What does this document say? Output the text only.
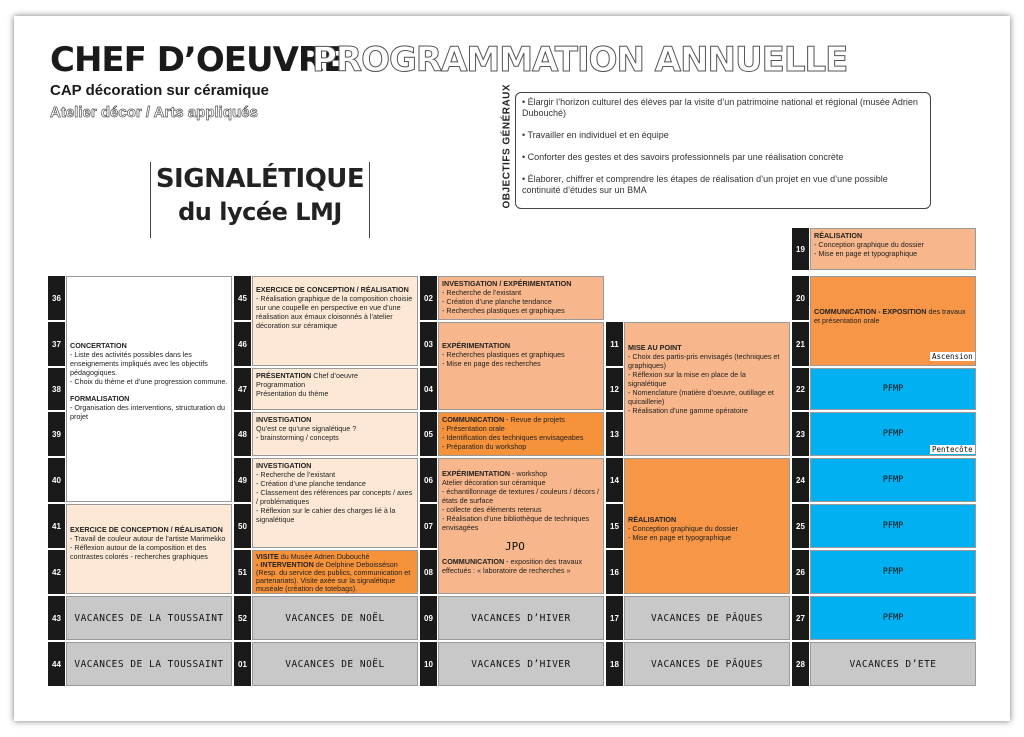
CHEF D’OEUVRE
PROGRAMMATION ANNUELLE
CAP décoration sur céramique
Atelier décor / Arts appliqués
SIGNALÉTIQUE
du lycée LMJ
OBJECTIFS GÉNÉRAUX • Élargir l’horizon culturel des élèves par la visite d’un patrimoine national et régional (musée Adrien Dubouché)

• Travailler en individuel et en équipe

• Conforter des gestes et des savoirs professionnels par une réalisation concrète

• Élaborer, chiffrer et comprendre les étapes de réalisation d’un projet en vue d’une possible continuité d’études sur un BMA

36
37
38
39
40
41
42
43
44
CONCERTATION
- Liste des activités possibles dans les enseignements impliqués avec les objectifs pédagogiques.
- Choix du thème et d’une progression commune.
FORMALISATION
- Organisation des interventions, structuration du projet
EXERCICE DE CONCEPTION / RÉALISATION
- Travail de couleur autour de l’artiste Marimekko
- Réflexion autour de la composition et des contrastes colorés - recherches graphiques
VACANCES DE LA TOUSSAINT
VACANCES DE LA TOUSSAINT
45
46
47
48
49
50
51
52
01
EXERCICE DE CONCEPTION / RÉALISATION
- Réalisation graphique de la composition choisie sur une coupelle en perspective en vue d’une réalisation aux émaux cloisonnés à l’atelier décoration sur céramique
PRÉSENTATION Chef d’oeuvre
Programmation
Présentation du thème
INVESTIGATION
Qu’est ce qu’une signalétique ?
- brainstorming / concepts
INVESTIGATION
- Recherche de l’existant
- Création d’une planche tendance
- Classement des références par concepts / axes / problématiques
- Réflexion sur le cahier des charges lié à la signalétique
VISITE du Musée Adrien Dubouché
- INTERVENTION de Delphine Deboisséson (Resp. du service des publics, communication et partenariats). Visite axée sur la signalétique muséale (création de totebags).
VACANCES DE NOËL
VACANCES DE NOËL
02
03
04
05
06
07
08
09
10
INVESTIGATION / EXPÉRIMENTATION
- Recherche de l’existant
- Création d’une planche tendance
- Recherches plastiques et graphiques
EXPÉRIMENTATION
- Recherches plastiques et graphiques
- Mise en page des recherches
COMMUNICATION - Revue de projets
- Présentation orale
- Identification des techniques envisageabes
- Préparation du workshop
EXPÉRIMENTATION - workshop
Atelier décoration sur céramique
- échantillonnage de textures / couleurs / décors / états de surface
- collecte des éléments retenus
- Réalisation d’une bibliothèque de techniques envisagées
COMMUNICATION - exposition des travaux effectués : « laboratoire de recherches »
JPO
VACANCES D’HIVER
VACANCES D’HIVER
11
12
13
14
15
16
17
18
MISE AU POINT
- Choix des partis-pris envisagés (techniques et graphiques)
- Réflexion sur la mise en place de la signalétique
- Nomenclature (matière d’oeuvre, outillage et quicaillerie)
- Réalisation d’une gamme opératoire
RÉALISATION
- Conception graphique du dossier
- Mise en page et typographique
VACANCES DE PÂQUES
VACANCES DE PÂQUES
19
20
21
22
23
24
25
26
27
28
RÉALISATION
- Conception graphique du dossier
- Mise en page et typographique
COMMUNICATION - EXPOSITION des travaux et présentation orale
Ascension
PFMP
PFMP
Pentecôte
PFMP
PFMP
PFMP
PFMP
VACANCES D’ETE
